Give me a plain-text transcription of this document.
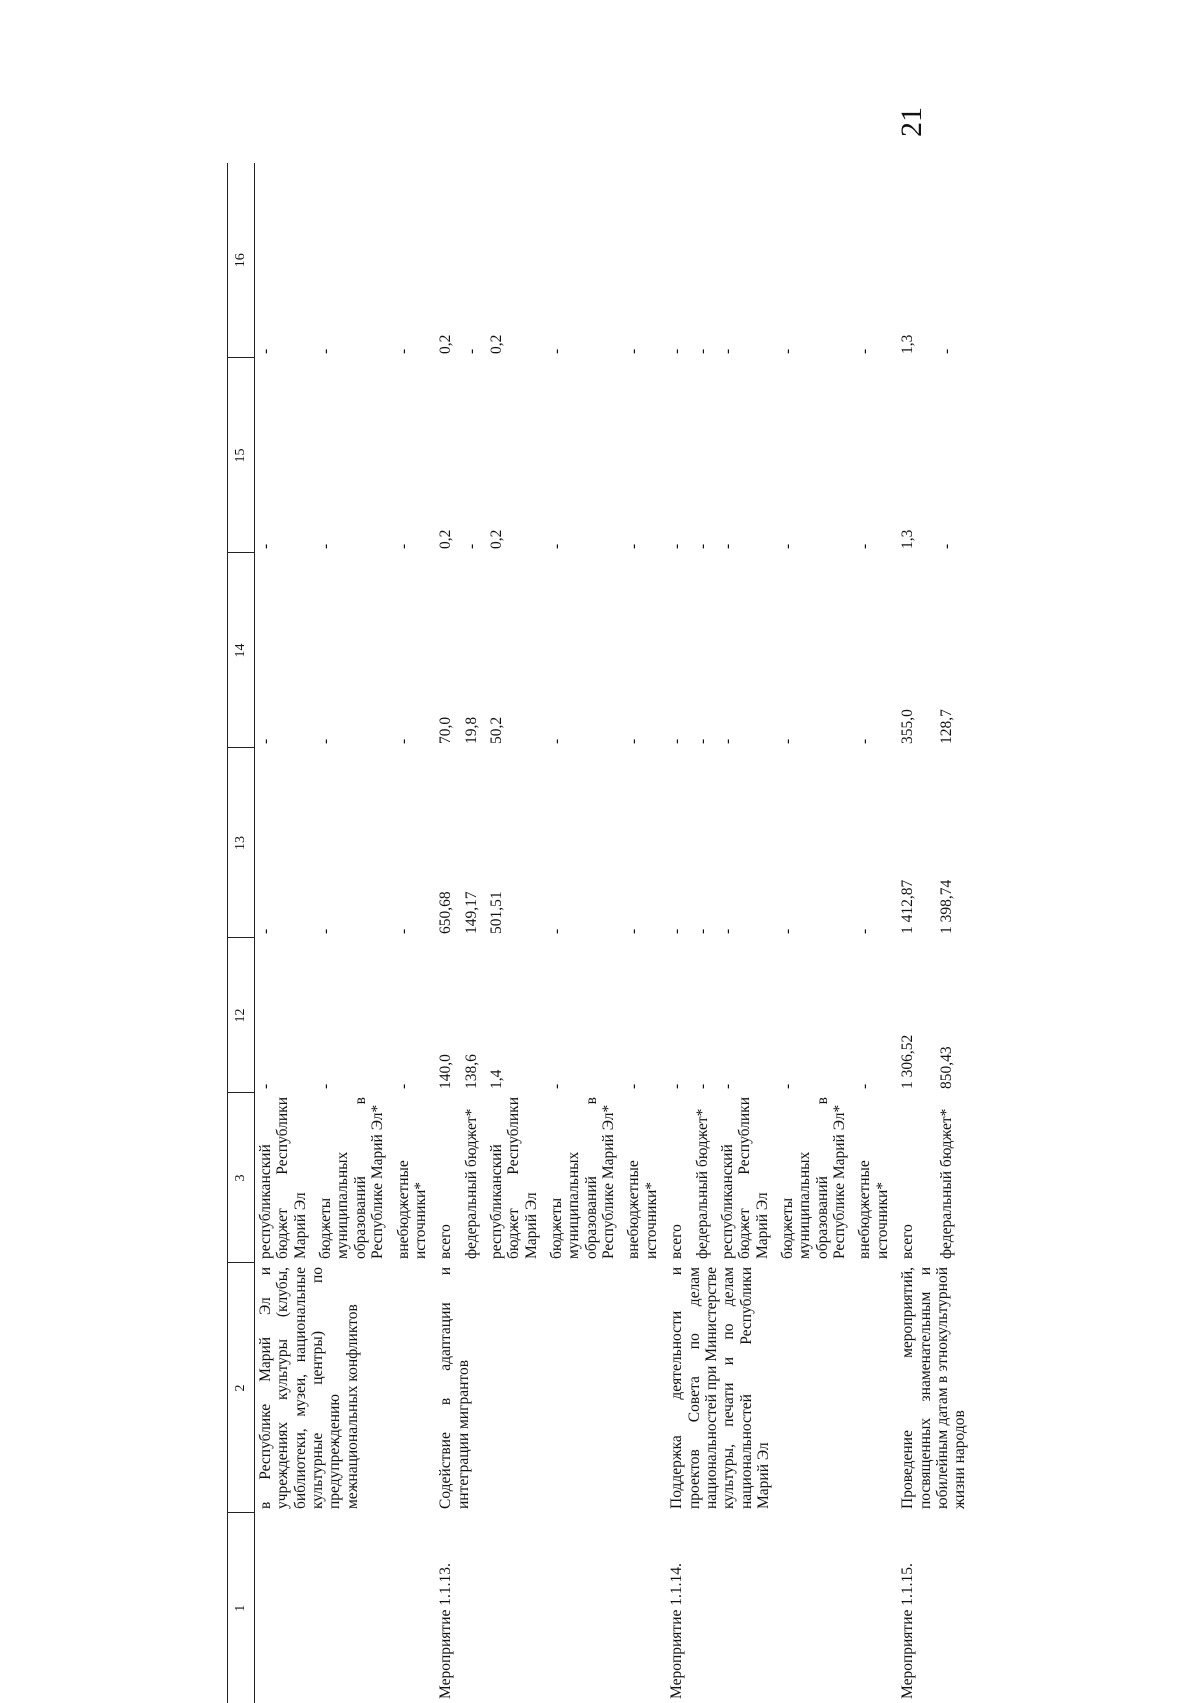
21
1	2	3	12	13	14	15	16
	в Республике Марий Эл и учреждениях культуры (клубы, библиотеки, музеи, национальные культурные центры) по предупреждению межнациональных конфликтов	республиканский бюджет Республики Марий Эл	-	-	-	-	-
		бюджеты муниципальных образований в Республике Марий Эл*	-	-	-	-	-
		внебюджетные источники*	-	-	-	-	-
Мероприятие 1.1.13.	Содействие в адаптации и интеграции мигрантов	всего	140,0	650,68	70,0	0,2	0,2
		федеральный бюджет*	138,6	149,17	19,8	-	-
		республиканский бюджет Республики Марий Эл	1,4	501,51	50,2	0,2	0,2
		бюджеты муниципальных образований в Республике Марий Эл*	-	-	-	-	-
		внебюджетные источники*	-	-	-	-	-
Мероприятие 1.1.14.	Поддержка деятельности и проектов Совета по делам национальностей при Министерстве культуры, печати и по делам национальностей Республики Марий Эл	всего	-	-	-	-	-
		федеральный бюджет*	-	-	-	-	-
		республиканский бюджет Республики Марий Эл	-	-	-	-	-
		бюджеты муниципальных образований в Республике Марий Эл*	-	-	-	-	-
		внебюджетные источники*	-	-	-	-	-
Мероприятие 1.1.15.	Проведение мероприятий, посвященных знаменательным и юбилейным датам в этнокультурной жизни народов	всего	1 306,52	1 412,87	355,0	1,3	1,3
		федеральный бюджет*	850,43	1 398,74	128,7	-	-
